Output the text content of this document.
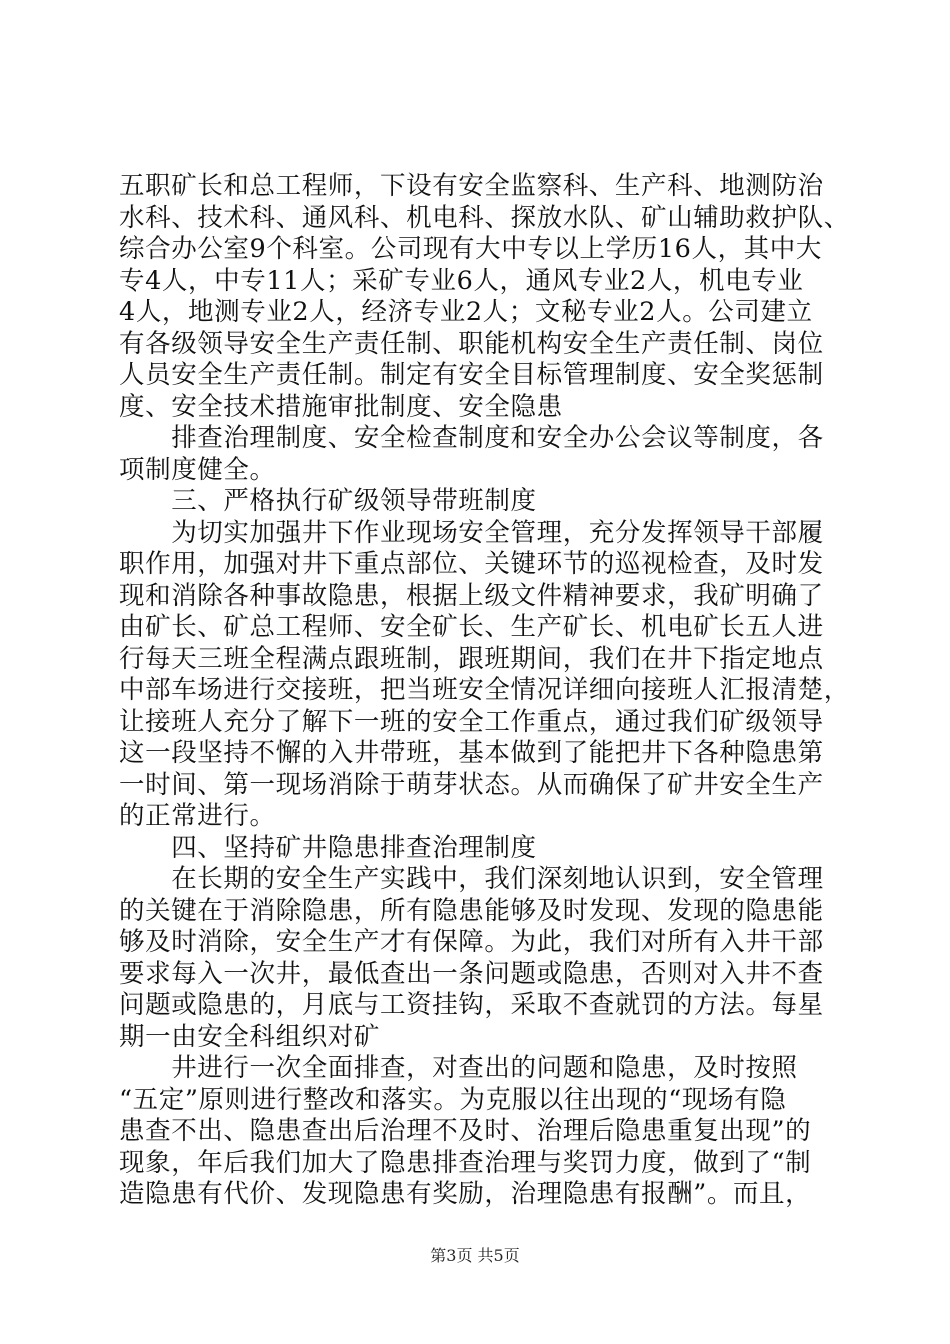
五职矿长和总工程师，下设有安全监察科、生产科、地测防治

水科、技术科、通风科、机电科、探放水队、矿山辅助救护队、

综合办公室9个科室。公司现有大中专以上学历16人，其中大

专4人，中专11人；采矿专业6人，通风专业2人，机电专业

4人，地测专业2人，经济专业2人；文秘专业2人。公司建立

有各级领导安全生产责任制、职能机构安全生产责任制、岗位

人员安全生产责任制。制定有安全目标管理制度、安全奖惩制

度、安全技术措施审批制度、安全隐患

　　排查治理制度、安全检查制度和安全办公会议等制度，各

项制度健全。

　　三、严格执行矿级领导带班制度

　　为切实加强井下作业现场安全管理，充分发挥领导干部履

职作用，加强对井下重点部位、关键环节的巡视检查，及时发

现和消除各种事故隐患，根据上级文件精神要求，我矿明确了

由矿长、矿总工程师、安全矿长、生产矿长、机电矿长五人进

行每天三班全程满点跟班制，跟班期间，我们在井下指定地点

中部车场进行交接班，把当班安全情况详细向接班人汇报清楚，

让接班人充分了解下一班的安全工作重点，通过我们矿级领导

这一段坚持不懈的入井带班，基本做到了能把井下各种隐患第

一时间、第一现场消除于萌芽状态。从而确保了矿井安全生产

的正常进行。

　　四、坚持矿井隐患排查治理制度

　　在长期的安全生产实践中，我们深刻地认识到，安全管理

的关键在于消除隐患，所有隐患能够及时发现、发现的隐患能

够及时消除，安全生产才有保障。为此，我们对所有入井干部

要求每入一次井，最低查出一条问题或隐患，否则对入井不查

问题或隐患的，月底与工资挂钩，采取不查就罚的方法。每星

期一由安全科组织对矿

　　井进行一次全面排查，对查出的问题和隐患，及时按照

“五定”原则进行整改和落实。为克服以往出现的“现场有隐

患查不出、隐患查出后治理不及时、治理后隐患重复出现”的

现象，年后我们加大了隐患排查治理与奖罚力度，做到了“制

造隐患有代价、发现隐患有奖励，治理隐患有报酬”。而且，

第3页 共5页
